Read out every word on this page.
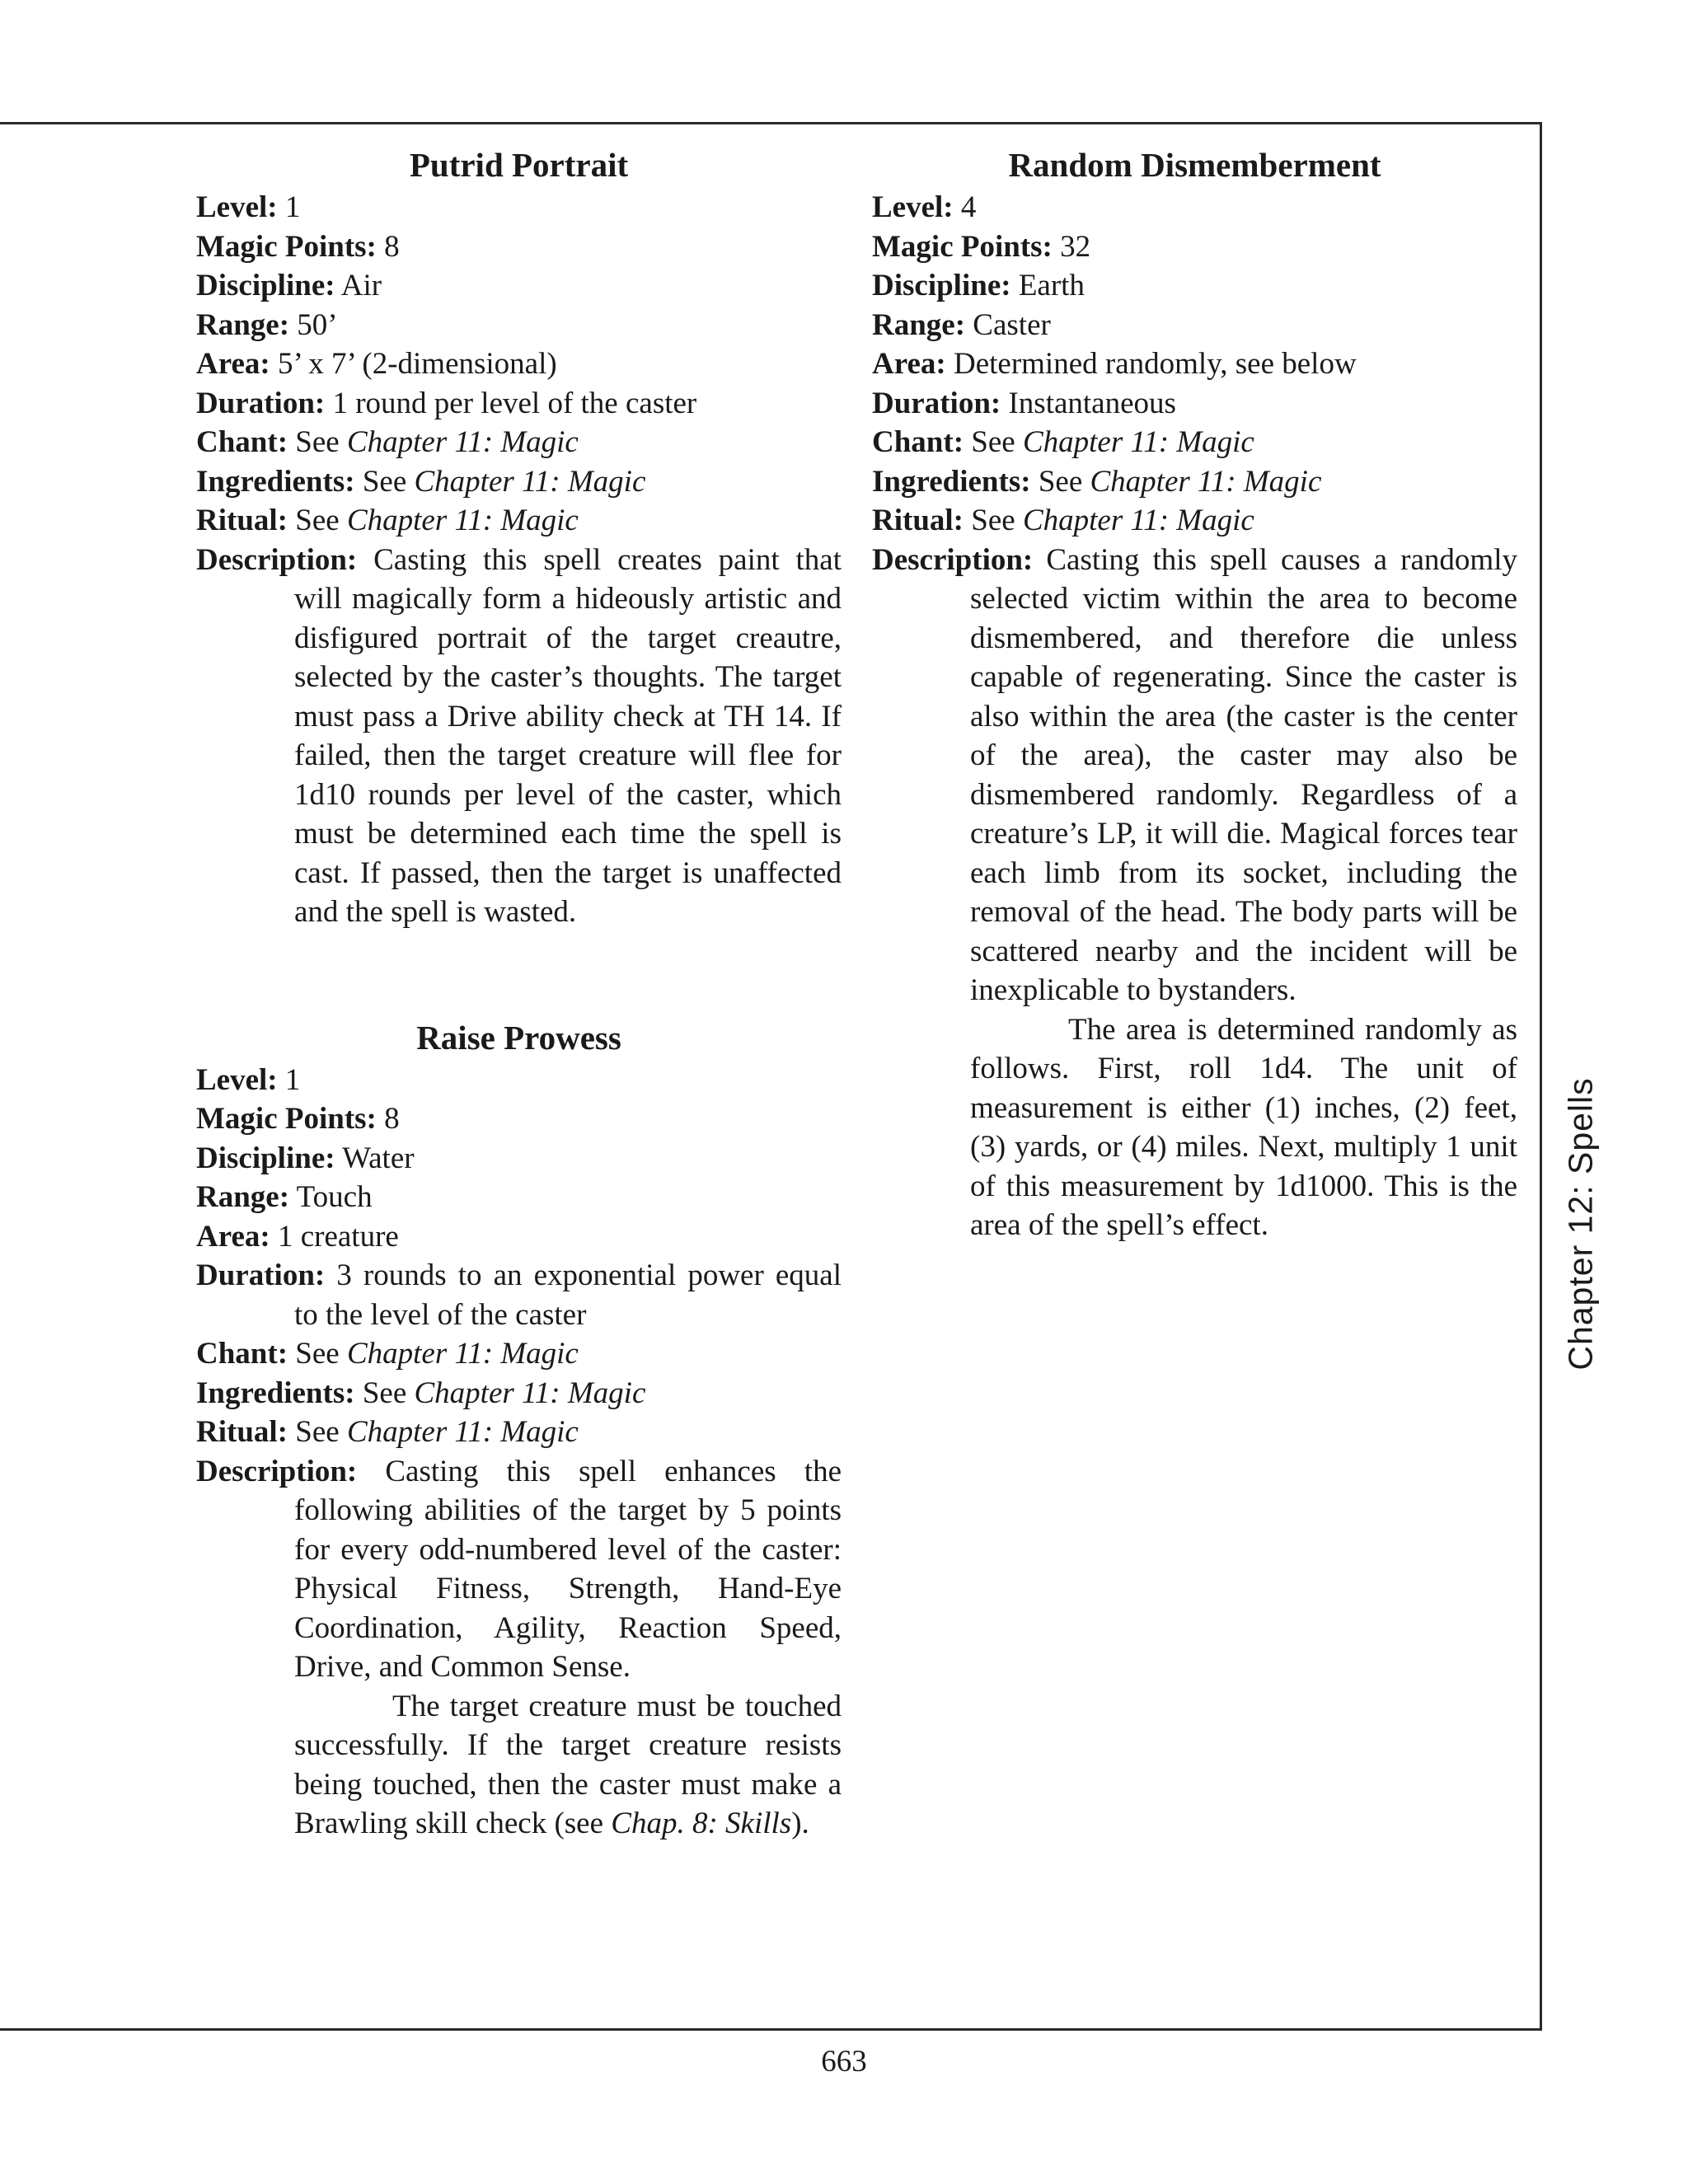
Putrid Portrait
Level: 1
Magic Points: 8
Discipline: Air
Range: 50’
Area: 5’ x 7’ (2-dimensional)
Duration: 1 round per level of the caster
Chant: See Chapter 11: Magic
Ingredients: See Chapter 11: Magic
Ritual: See Chapter 11: Magic
Description: Casting this spell creates paint that will magically form a hideously artistic and disfigured portrait of the target creautre, selected by the caster’s thoughts. The target must pass a Drive ability check at TH 14. If failed, then the target creature will flee for 1d10 rounds per level of the caster, which must be determined each time the spell is cast. If passed, then the target is unaffected and the spell is wasted.
Raise Prowess
Level: 1
Magic Points: 8
Discipline: Water
Range: Touch
Area: 1 creature
Duration: 3 rounds to an exponential power equal to the level of the caster
Chant: See Chapter 11: Magic
Ingredients: See Chapter 11: Magic
Ritual: See Chapter 11: Magic
Description: Casting this spell enhances the following abilities of the target by 5 points for every odd-numbered level of the caster: Physical Fitness, Strength, Hand-Eye Coordination, Agility, Reaction Speed, Drive, and Common Sense.
The target creature must be touched successfully. If the target creature resists being touched, then the caster must make a Brawling skill check (see Chap. 8: Skills).
Random Dismemberment
Level: 4
Magic Points: 32
Discipline: Earth
Range: Caster
Area: Determined randomly, see below
Duration: Instantaneous
Chant: See Chapter 11: Magic
Ingredients: See Chapter 11: Magic
Ritual: See Chapter 11: Magic
Description: Casting this spell causes a randomly selected victim within the area to become dismembered, and therefore die unless capable of regenerating. Since the caster is also within the area (the caster is the center of the area), the caster may also be dismembered randomly. Regardless of a creature’s LP, it will die. Magical forces tear each limb from its socket, including the removal of the head. The body parts will be scattered nearby and the incident will be inexplicable to bystanders.
The area is determined randomly as follows. First, roll 1d4. The unit of measurement is either (1) inches, (2) feet, (3) yards, or (4) miles. Next, multiply 1 unit of this measurement by 1d1000. This is the area of the spell’s effect.	Chapter 12: Spells
663
